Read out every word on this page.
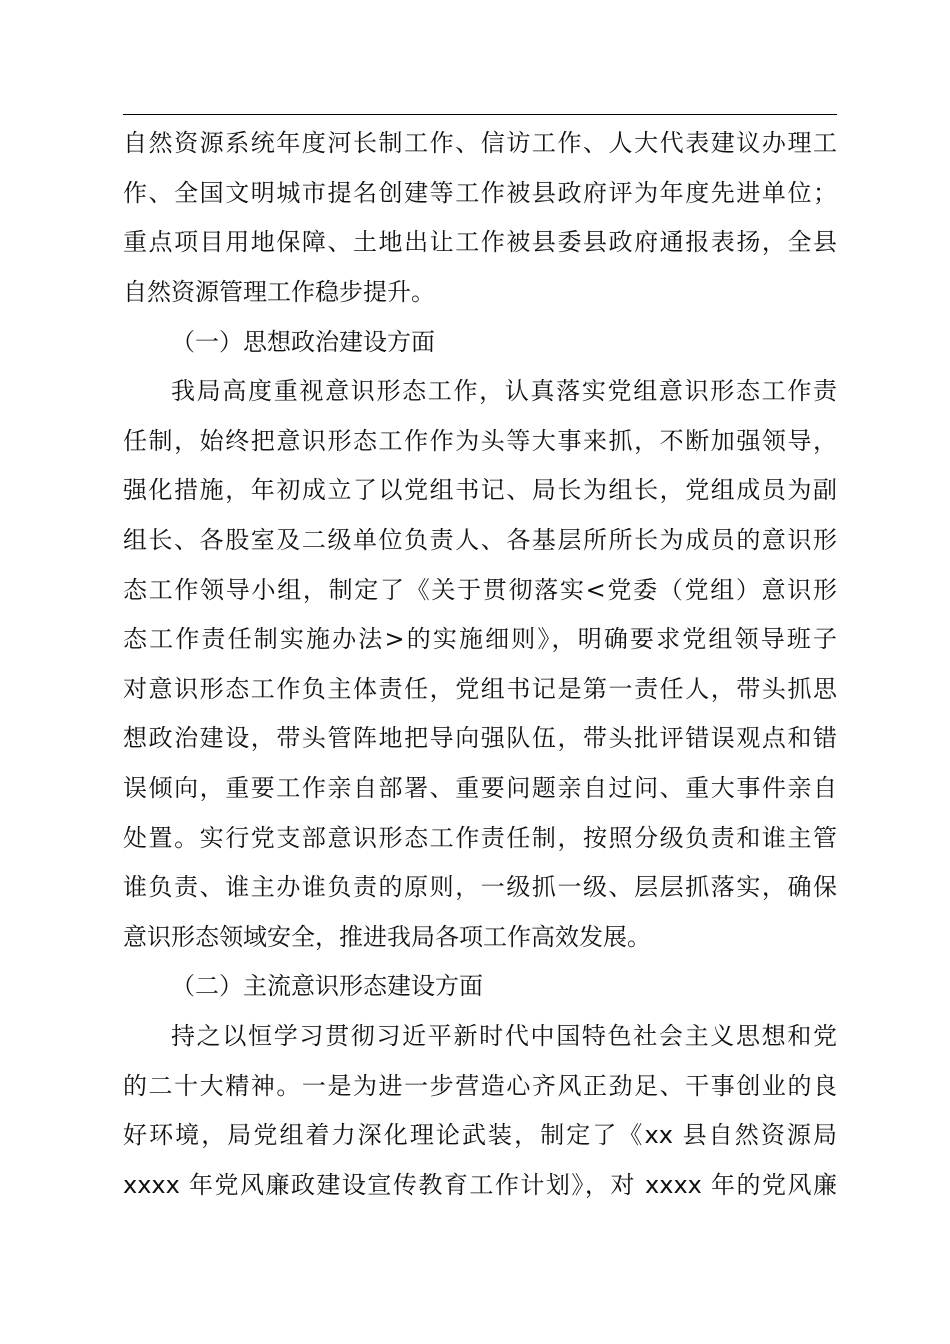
自然资源系统年度河长制工作、信访工作、人大代表建议办理工
作、全国文明城市提名创建等工作被县政府评为年度先进单位；
重点项目用地保障、土地出让工作被县委县政府通报表扬，全县
自然资源管理工作稳步提升。
（一）思想政治建设方面
我局高度重视意识形态工作，认真落实党组意识形态工作责
任制，始终把意识形态工作作为头等大事来抓，不断加强领导，
强化措施，年初成立了以党组书记、局长为组长，党组成员为副
组长、各股室及二级单位负责人、各基层所所长为成员的意识形
态工作领导小组，制定了《关于贯彻落实<党委（党组）意识形
态工作责任制实施办法>的实施细则》，明确要求党组领导班子
对意识形态工作负主体责任，党组书记是第一责任人，带头抓思
想政治建设，带头管阵地把导向强队伍，带头批评错误观点和错
误倾向，重要工作亲自部署、重要问题亲自过问、重大事件亲自
处置。实行党支部意识形态工作责任制，按照分级负责和谁主管
谁负责、谁主办谁负责的原则，一级抓一级、层层抓落实，确保
意识形态领域安全，推进我局各项工作高效发展。
（二）主流意识形态建设方面
持之以恒学习贯彻习近平新时代中国特色社会主义思想和党
的二十大精神。一是为进一步营造心齐风正劲足、干事创业的良
好环境，局党组着力深化理论武装，制定了《xx 县自然资源局
xxxx 年党风廉政建设宣传教育工作计划》，对 xxxx 年的党风廉
